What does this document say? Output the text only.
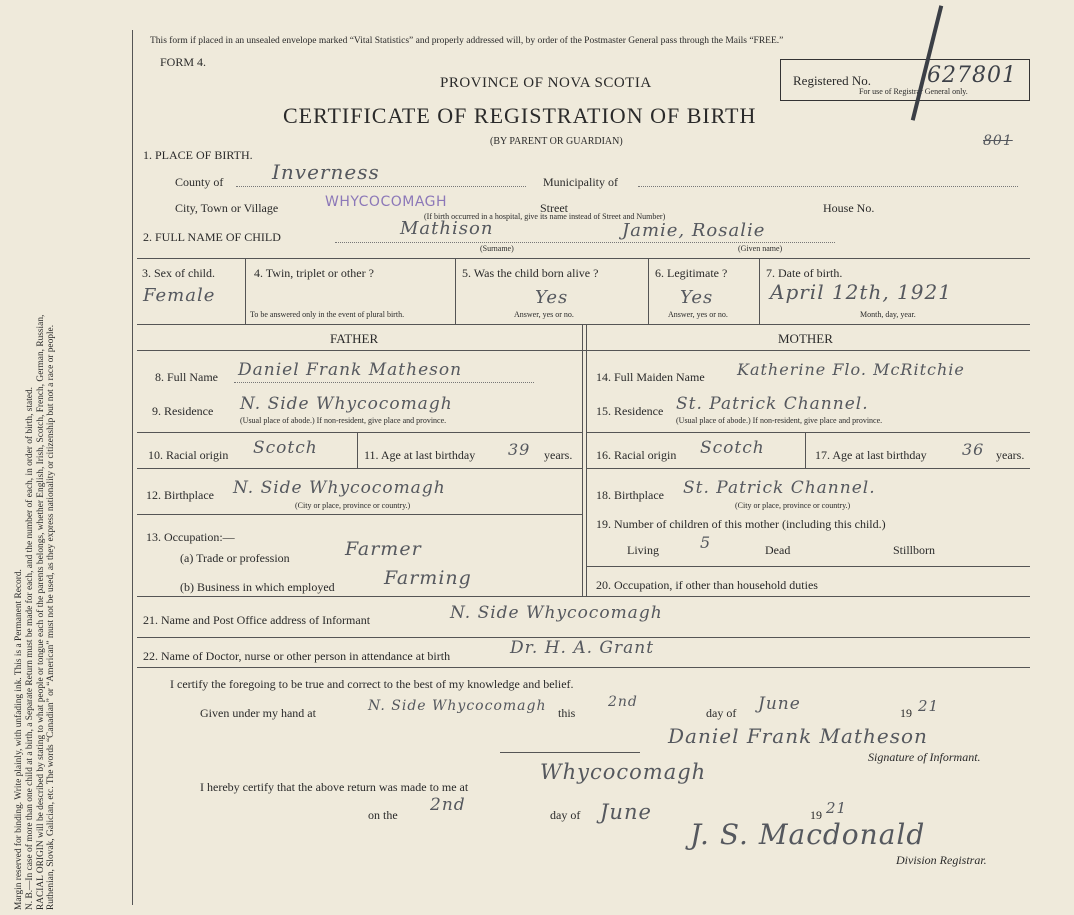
Margin reserved for binding. Write plainly, with unfading ink. This is a Permanent Record. N. B.—In case of more than one child at a birth, a Separate Return must be made for each, and the number of each, in order of birth, stated. RACIAL ORIGIN will be described by stating to what people or tongue each of the parents belongs, whether English, Irish, Scotch, French, German, Russian, Ruthenian, Slovak, Galician, etc. The words “Canadian” or “American” must not be used, as they express nationality or citizenship but not a race or people.
This form if placed in an unsealed envelope marked “Vital Statistics” and properly addressed will, by order of the Postmaster General pass through the Mails “FREE.”
FORM 4.
PROVINCE OF NOVA SCOTIA
CERTIFICATE OF REGISTRATION OF BIRTH
(BY PARENT OR GUARDIAN)
Registered No.	627801
For use of Registrar General only.
801
1. PLACE OF BIRTH.
County of Inverness	Municipality of
City, Town or Village	WHYCOCOMAGH	Street	House No.
(If birth occurred in a hospital, give its name instead of Street and Number)
2. FULL NAME OF CHILD	Mathison	Jamie, Rosalie
(Surname)	(Given name)
3. Sex of child.
Female
4. Twin, triplet or other ?
To be answered only in the event of plural birth.
5. Was the child born alive ?
Yes
Answer, yes or no.
6. Legitimate ?
Yes
Answer, yes or no.
7. Date of birth.
April 12th, 1921
Month, day, year.
FATHER	MOTHER
8. Full Name Daniel Frank Matheson
9. Residence N. Side Whycocomagh
(Usual place of abode.) If non-resident, give place and province.
10. Racial origin Scotch	11. Age at last birthday 39 years.
12. Birthplace N. Side Whycocomagh
(City or place, province or country.)
13. Occupation:—
(a) Trade or profession	Farmer
(b) Business in which employed	Farming
14. Full Maiden Name Katherine Flo. McRitchie
15. Residence St. Patrick Channel.
(Usual place of abode.) If non-resident, give place and province.
16. Racial origin Scotch	17. Age at last birthday 36 years.
18. Birthplace St. Patrick Channel.
(City or place, province or country.)
19. Number of children of this mother (including this child.)
Living	5	Dead	Stillborn
20. Occupation, if other than household duties
21. Name and Post Office address of Informant	N. Side Whycocomagh
22. Name of Doctor, nurse or other person in attendance at birth	Dr. H. A. Grant
I certify the foregoing to be true and correct to the best of my knowledge and belief.
Given under my hand at	N. Side Whycocomagh this
2nd
day of June	19 21
Daniel Frank Matheson
Signature of Informant.
I hereby certify that the above return was made to me at
Whycocomagh
on the 2nd	day of June	19 21
J. S. Macdonald
Division Registrar.
